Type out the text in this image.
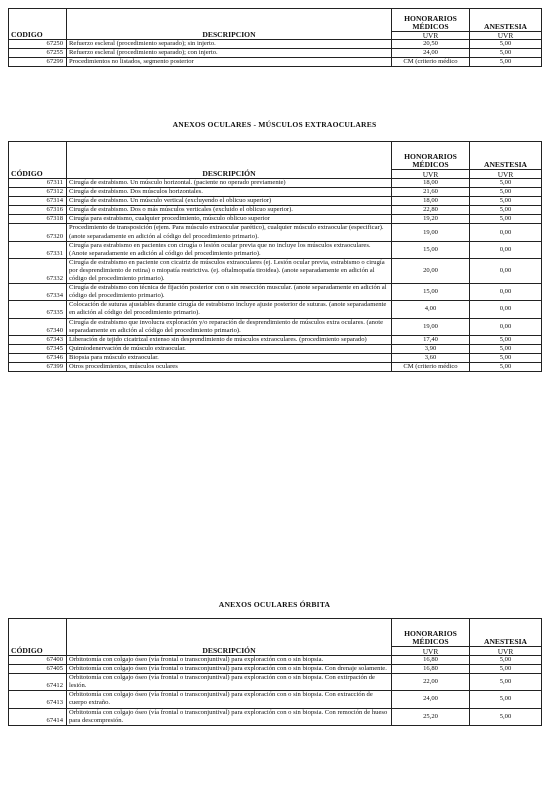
CODIGO	DESCRIPCION	HONORARIOS MÉDICOS	ANESTESIA
		UVR	UVR
67250	Refuerzo escleral (procedimiento separado); sin injerto.	20,50	5,00
67255	Refuerzo escleral (procedimiento separado); con injerto.	24,00	5,00
67299	Procedimientos no listados, segmento posterior	CM (criterio médico	5,00
ANEXOS OCULARES - MÚSCULOS EXTRAOCULARES
CÓDIGO	DESCRIPCIÓN	HONORARIOS MÉDICOS	ANESTESIA
		UVR	UVR
67311	Cirugía de estrabismo. Un músculo horizontal. (paciente no operado previamente)	18,00	5,00
67312	Cirugía de estrabismo. Dos músculos horizontales.	21,60	5,00
67314	Cirugía de estrabismo. Un músculo vertical (excluyendo el oblicuo superior)	18,00	5,00
67316	Cirugía de estrabismo. Dos o más músculos verticales (excluido el oblicuo superior).	22,80	5,00
67318	Cirugía para estrabismo, cualquier procedimiento, músculo oblicuo superior	19,20	5,00
67320	Procedimiento de transposición (ejem. Para músculo extraocular parético), cualquier músculo extraocular (especificar). (anote separadamente en adición al código del procedimiento primario).	19,00	0,00
67331	Cirugía para estrabismo en pacientes con cirugía o lesión ocular previa que no incluye los músculos extraoculares. (Anote separadamente en adición al código del procedimiento primario).	15,00	0,00
67332	Cirugía de estrabismo en paciente con cicatriz de músculos extraoculares (ej. Lesión ocular previa, estrabismo o cirugía por desprendimiento de retina) o miopatía restrictiva. (ej. oftalmopatía tiroidea). (anote separadamente en adición al código del procedimiento primario).	20,00	0,00
67334	Cirugía de estrabismo con técnica de fijación posterior con o sin resección muscular. (anote separadamente en adición al código del procedimiento primario).	15,00	0,00
67335	Colocación de suturas ajustables durante cirugía de estrabismo incluye ajuste posterior de suturas. (anote separadamente en adición al código del procedimiento primario).	4,00	0,00
67340	Cirugía de estrabismo que involucra exploración y/o reparación de desprendimiento de músculos extra oculares. (anote separadamente en adición al código del procedimiento primario).	19,00	0,00
67343	Liberación de tejido cicatrizal extenso sin desprendimiento de músculos extraoculares. (procedimiento separado)	17,40	5,00
67345	Quimiodenervación de músculo extraocular.	3,90	5,00
67346	Biopsia para músculo extraocular.	3,60	5,00
67399	Otros procedimientos, músculos oculares	CM (criterio médico	5,00
ANEXOS OCULARES ÓRBITA
CÓDIGO	DESCRIPCIÓN	HONORARIOS MÉDICOS	ANESTESIA
		UVR	UVR
67400	Orbitotomía con colgajo óseo (vía frontal o transconjuntival) para exploración con o sin biopsia.	16,80	5,00
67405	Orbitotomía con colgajo óseo (vía frontal o transconjuntival) para exploración con o sin biopsia. Con drenaje solamente.	16,80	5,00
67412	Orbitotomía con colgajo óseo (vía frontal o transconjuntival) para exploración con o sin biopsia. Con extirpación de lesión.	22,00	5,00
67413	Orbitotomía con colgajo óseo (vía frontal o transconjuntival) para exploración con o sin biopsia. Con extracción de cuerpo extraño.	24,00	5,00
67414	Orbitotomía con colgajo óseo (vía frontal o transconjuntival) para exploración con o sin biopsia. Con remoción de hueso para descompresión.	25,20	5,00
